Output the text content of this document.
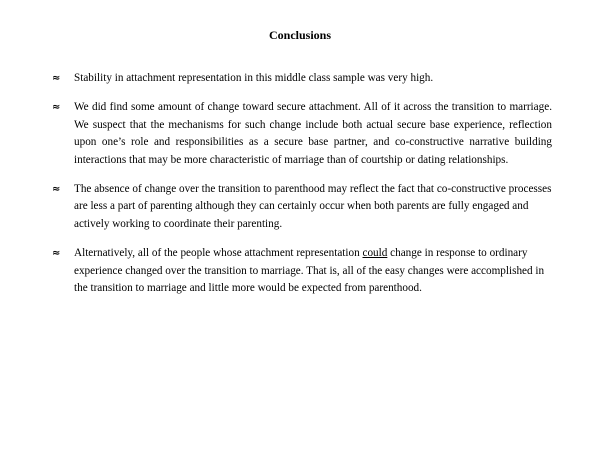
Conclusions
≈ Stability in attachment representation in this middle class sample was very high.
≈ We did find some amount of change toward secure attachment. All of it across the transition to marriage. We suspect that the mechanisms for such change include both actual secure base experience, reflection upon one’s role and responsibilities as a secure base partner, and co-constructive narrative building interactions that may be more characteristic of marriage than of courtship or dating relationships.
≈ The absence of change over the transition to parenthood may reflect the fact that co-constructive processes are less a part of parenting although they can certainly occur when both parents are fully engaged and actively working to coordinate their parenting.
≈ Alternatively, all of the people whose attachment representation could change in response to ordinary experience changed over the transition to marriage. That is, all of the easy changes were accomplished in the transition to marriage and little more would be expected from parenthood.
